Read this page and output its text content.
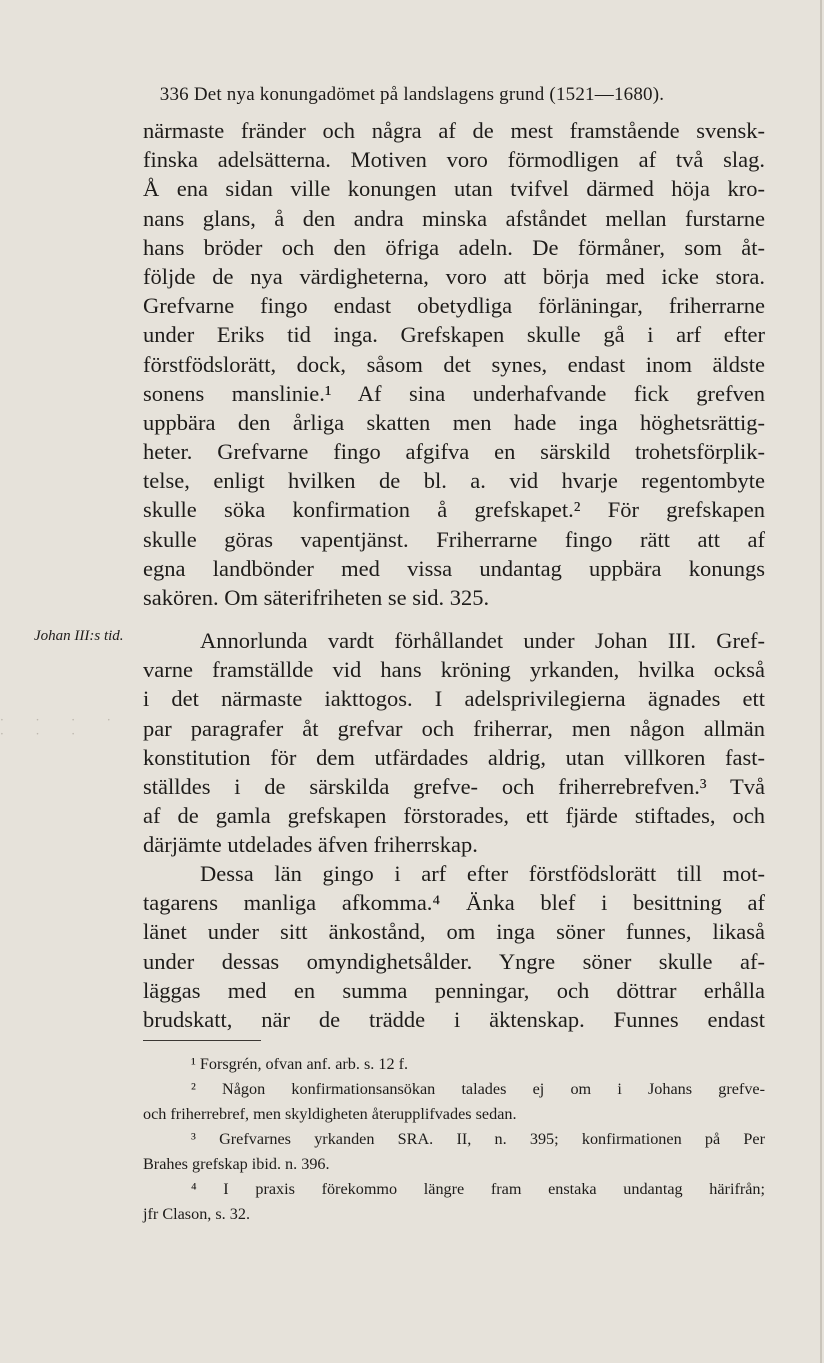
336 Det nya konungadömet på landslagens grund (1521—1680).
närmaste fränder och några af de mest framstående svensk-
finska adelsätterna. Motiven voro förmodligen af två slag.
Å ena sidan ville konungen utan tvifvel därmed höja kro-
nans glans, å den andra minska afståndet mellan furstarne
hans bröder och den öfriga adeln. De förmåner, som åt-
följde de nya värdigheterna, voro att börja med icke stora.
Grefvarne fingo endast obetydliga förläningar, friherrarne
under Eriks tid inga. Grefskapen skulle gå i arf efter
förstfödslorätt, dock, såsom det synes, endast inom äldste
sonens manslinie.¹ Af sina underhafvande fick grefven
uppbära den årliga skatten men hade inga höghetsrättig-
heter. Grefvarne fingo afgifva en särskild trohetsförplik-
telse, enligt hvilken de bl. a. vid hvarje regentombyte
skulle söka konfirmation å grefskapet.² För grefskapen
skulle göras vapentjänst. Friherrarne fingo rätt att af
egna landbönder med vissa undantag uppbära konungs
sakören. Om säterifriheten se sid. 325.
Johan III:s tid.
· · · · · · ·
Annorlunda vardt förhållandet under Johan III. Gref-
varne framställde vid hans kröning yrkanden, hvilka också
i det närmaste iakttogos. I adelsprivilegierna ägnades ett
par paragrafer åt grefvar och friherrar, men någon allmän
konstitution för dem utfärdades aldrig, utan villkoren fast-
ställdes i de särskilda grefve- och friherrebrefven.³ Två
af de gamla grefskapen förstorades, ett fjärde stiftades, och
därjämte utdelades äfven friherrskap.
Dessa län gingo i arf efter förstfödslorätt till mot-
tagarens manliga afkomma.⁴ Änka blef i besittning af
länet under sitt änkostånd, om inga söner funnes, likaså
under dessas omyndighetsålder. Yngre söner skulle af-
läggas med en summa penningar, och döttrar erhålla
brudskatt, när de trädde i äktenskap. Funnes endast
¹ Forsgrén, ofvan anf. arb. s. 12 f.
² Någon konfirmationsansökan talades ej om i Johans grefve-
och friherrebref, men skyldigheten återupplifvades sedan.
³ Grefvarnes yrkanden SRA. II, n. 395; konfirmationen på Per
Brahes grefskap ibid. n. 396.
⁴ I praxis förekommo längre fram enstaka undantag härifrån;
jfr Clason, s. 32.
